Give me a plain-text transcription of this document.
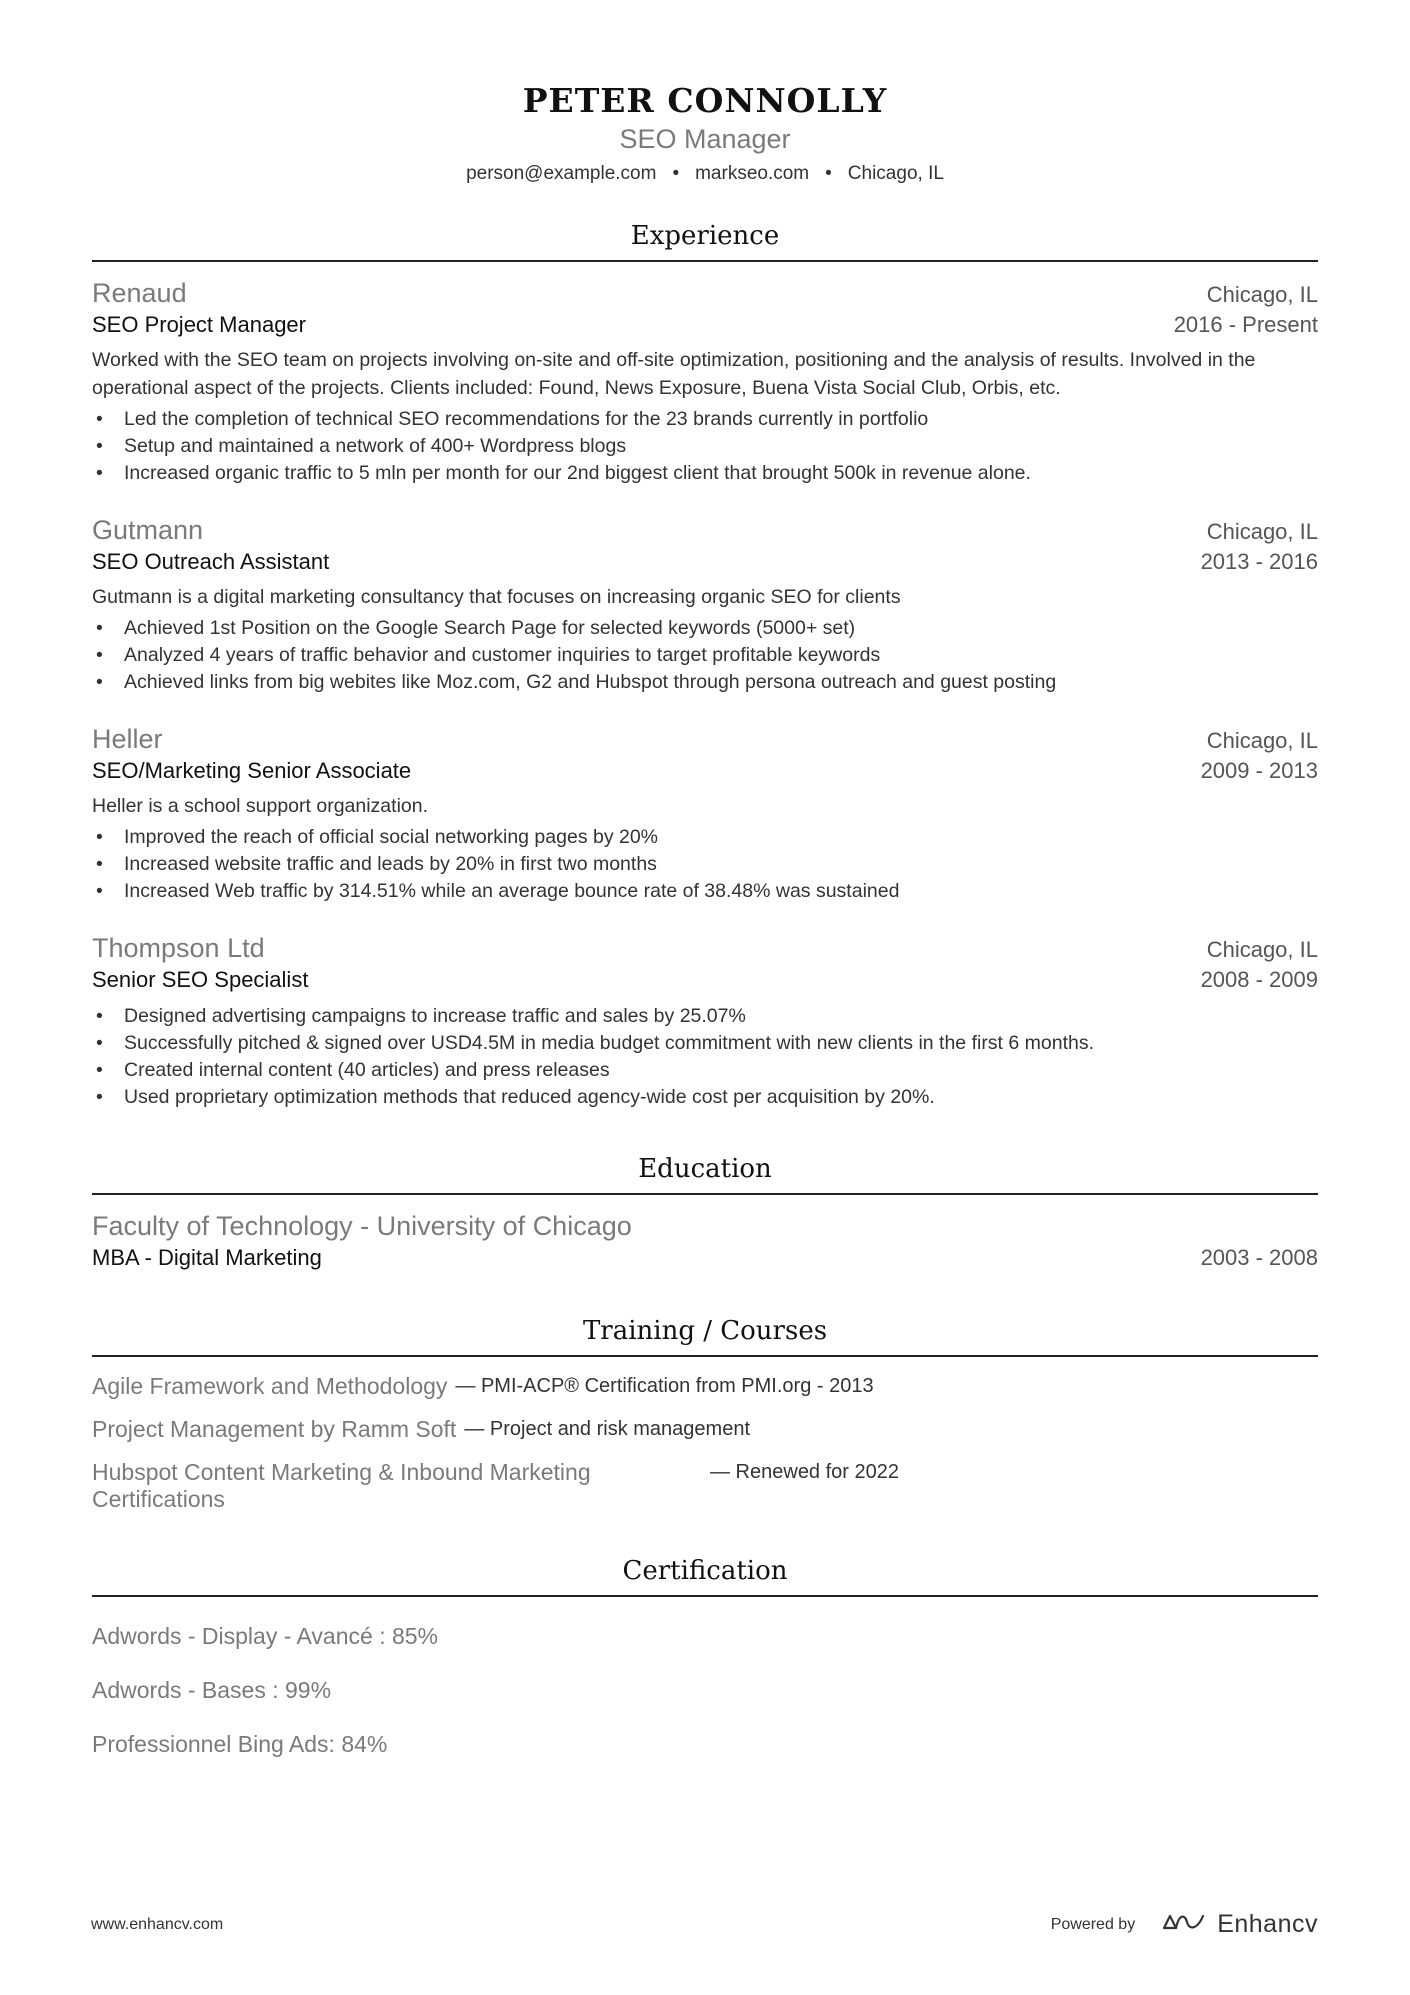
PETER CONNOLLY
SEO Manager
person@example.com • markseo.com • Chicago, IL
Experience
Renaud	Chicago, IL
SEO Project Manager	2016 - Present
Worked with the SEO team on projects involving on-site and off-site optimization, positioning and the analysis of results. Involved in the operational aspect of the projects. Clients included: Found, News Exposure, Buena Vista Social Club, Orbis, etc.
• Led the completion of technical SEO recommendations for the 23 brands currently in portfolio
• Setup and maintained a network of 400+ Wordpress blogs
• Increased organic traffic to 5 mln per month for our 2nd biggest client that brought 500k in revenue alone.
Gutmann	Chicago, IL
SEO Outreach Assistant	2013 - 2016
Gutmann is a digital marketing consultancy that focuses on increasing organic SEO for clients
• Achieved 1st Position on the Google Search Page for selected keywords (5000+ set)
• Analyzed 4 years of traffic behavior and customer inquiries to target profitable keywords
• Achieved links from big webites like Moz.com, G2 and Hubspot through persona outreach and guest posting
Heller	Chicago, IL
SEO/Marketing Senior Associate	2009 - 2013
Heller is a school support organization.
• Improved the reach of official social networking pages by 20%
• Increased website traffic and leads by 20% in first two months
• Increased Web traffic by 314.51% while an average bounce rate of 38.48% was sustained
Thompson Ltd	Chicago, IL
Senior SEO Specialist	2008 - 2009
• Designed advertising campaigns to increase traffic and sales by 25.07%
• Successfully pitched & signed over USD4.5M in media budget commitment with new clients in the first 6 months.
• Created internal content (40 articles) and press releases
• Used proprietary optimization methods that reduced agency-wide cost per acquisition by 20%.
Education
Faculty of Technology - University of Chicago
MBA - Digital Marketing	2003 - 2008
Training / Courses
Agile Framework and Methodology — PMI-ACP® Certification from PMI.org - 2013
Project Management by Ramm Soft — Project and risk management
Hubspot Content Marketing & Inbound Marketing Certifications
— Renewed for 2022
Certification
Adwords - Display - Avancé : 85%
Adwords - Bases : 99%
Professionnel Bing Ads: 84%
www.enhancv.com	Powered by	Enhancv
